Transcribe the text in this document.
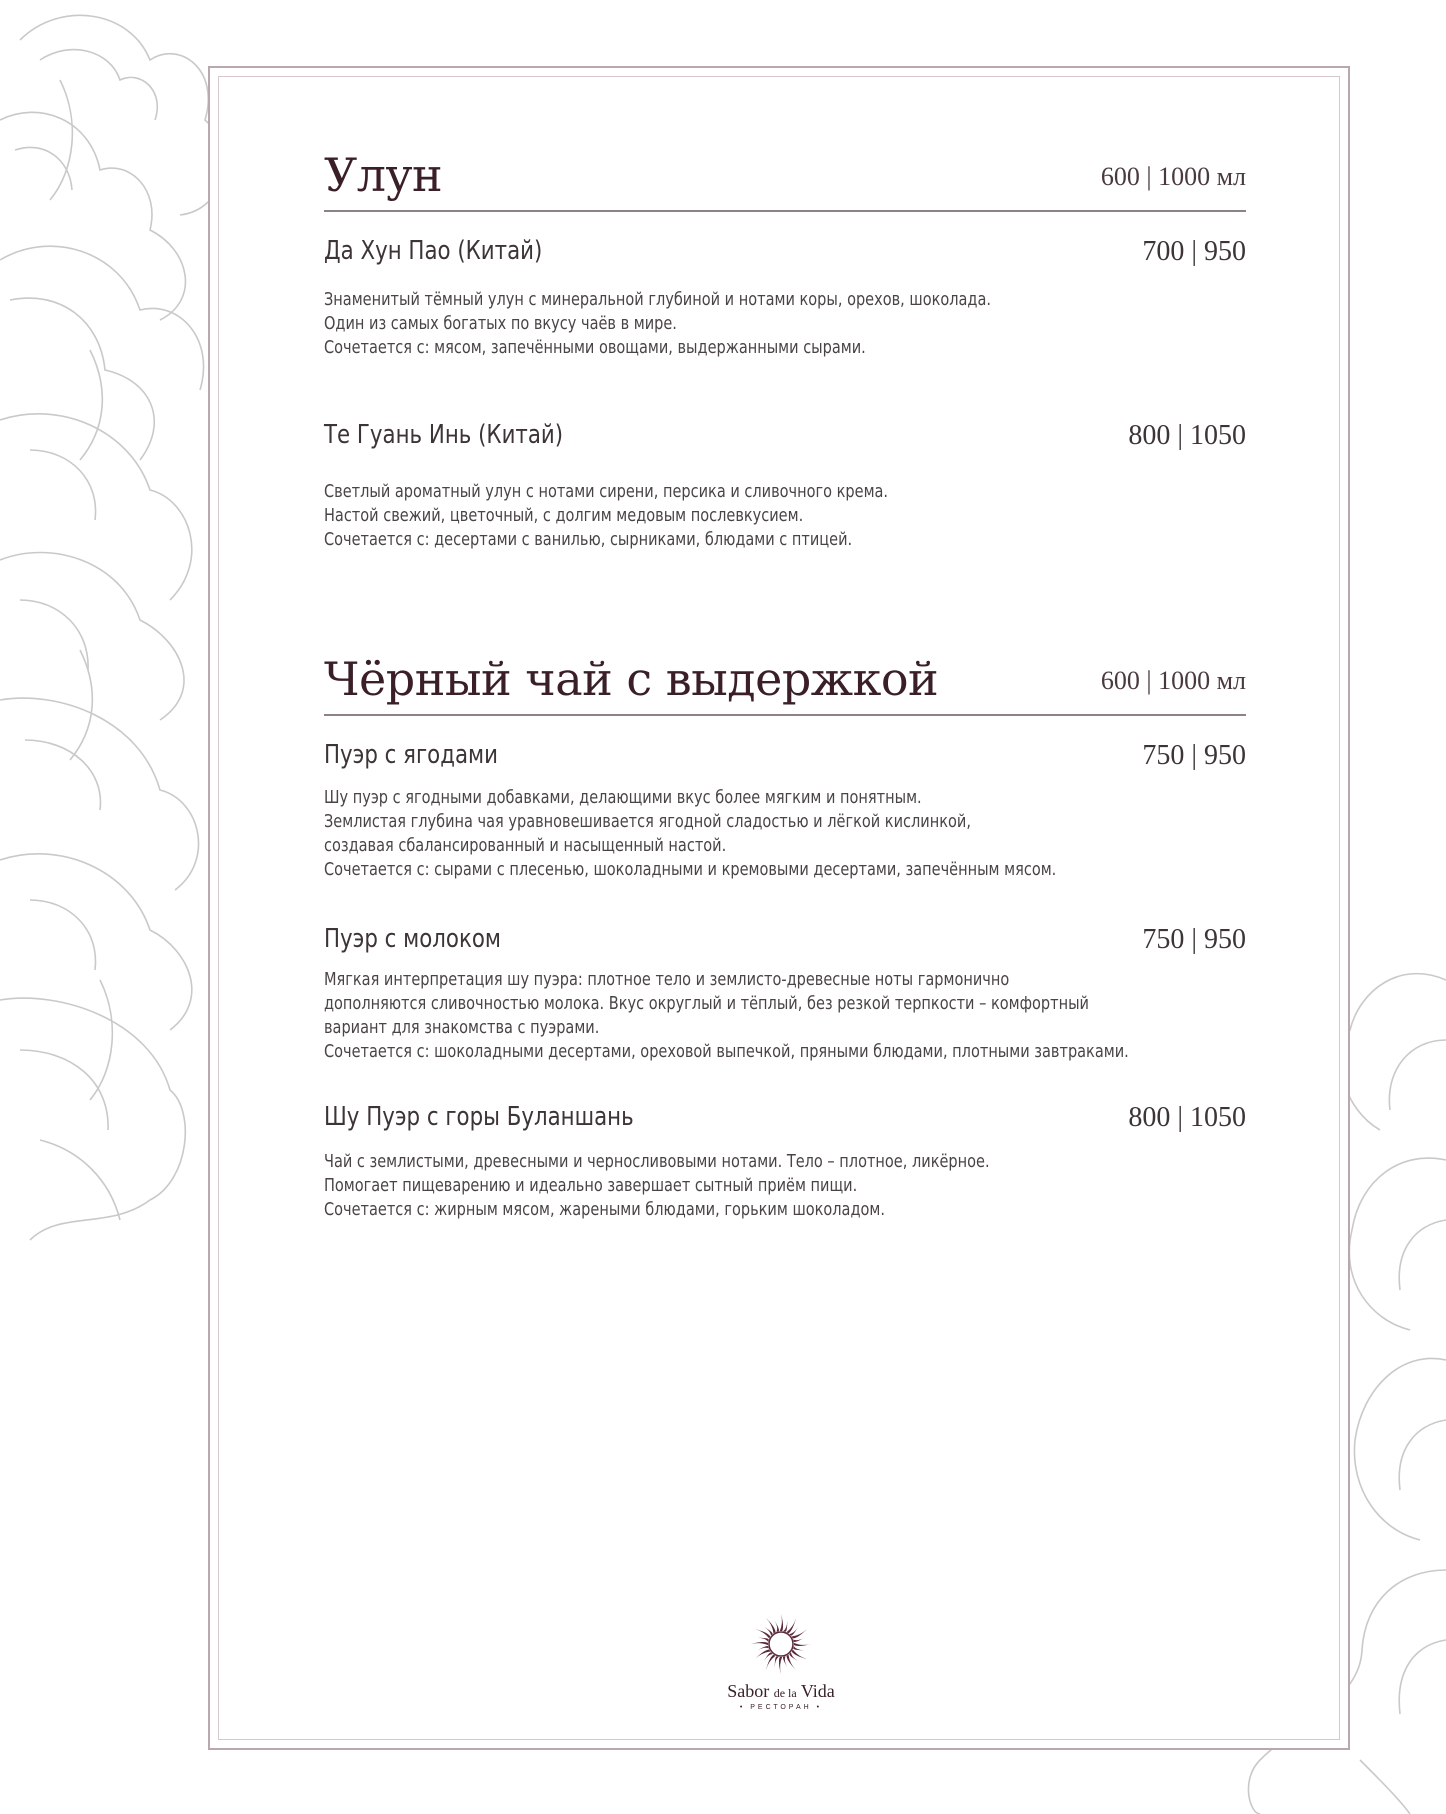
Улун	600 | 1000 мл
Да Хун Пао (Китай)	700 | 950
Знаменитый тёмный улун с минеральной глубиной и нотами коры, орехов, шоколада.
Один из самых богатых по вкусу чаёв в мире.
Сочетается с: мясом, запечёнными овощами, выдержанными сырами.
Те Гуань Инь (Китай)	800 | 1050
Светлый ароматный улун с нотами сирени, персика и сливочного крема.
Настой свежий, цветочный, с долгим медовым послевкусием.
Сочетается с: десертами с ванилью, сырниками, блюдами с птицей.
Чёрный чай с выдержкой	600 | 1000 мл
Пуэр с ягодами	750 | 950
Шу пуэр с ягодными добавками, делающими вкус более мягким и понятным.
Землистая глубина чая уравновешивается ягодной сладостью и лёгкой кислинкой,
создавая сбалансированный и насыщенный настой.
Сочетается с: сырами с плесенью, шоколадными и кремовыми десертами, запечённым мясом.
Пуэр с молоком	750 | 950
Мягкая интерпретация шу пуэра: плотное тело и землисто-древесные ноты гармонично
дополняются сливочностью молока. Вкус округлый и тёплый, без резкой терпкости – комфортный
вариант для знакомства с пуэрами.
Сочетается с: шоколадными десертами, ореховой выпечкой, пряными блюдами, плотными завтраками.
Шу Пуэр с горы Буланшань	800 | 1050
Чай с землистыми, древесными и черносливовыми нотами. Тело – плотное, ликёрное.
Помогает пищеварению и идеально завершает сытный приём пищи.
Сочетается с: жирным мясом, жареными блюдами, горьким шоколадом.
Sabor de la Vida
• РЕСТОРАН •
